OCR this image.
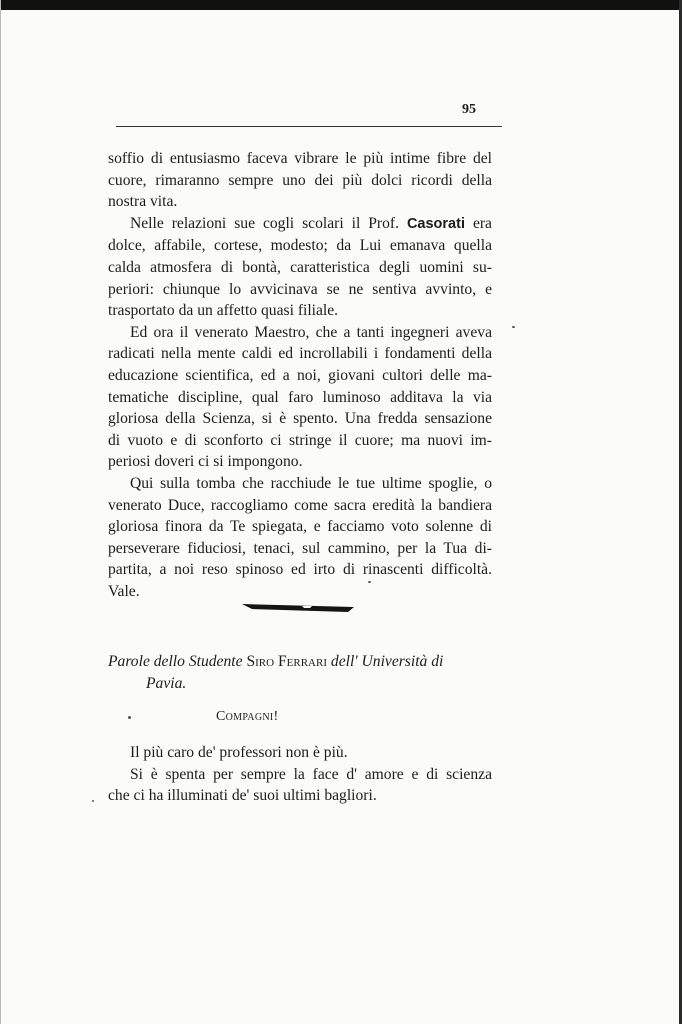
95
soffio di entusiasmo faceva vibrare le più intime fibre del
cuore, rimaranno sempre uno dei più dolci ricordi della
nostra vita.
Nelle relazioni sue cogli scolari il Prof. Casorati era
dolce, affabile, cortese, modesto; da Lui emanava quella
calda atmosfera di bontà, caratteristica degli uomini su-
periori: chiunque lo avvicinava se ne sentiva avvinto, e
trasportato da un affetto quasi filiale.
Ed ora il venerato Maestro, che a tanti ingegneri aveva
radicati nella mente caldi ed incrollabili i fondamenti della
educazione scientifica, ed a noi, giovani cultori delle ma-
tematiche discipline, qual faro luminoso additava la via
gloriosa della Scienza, si è spento. Una fredda sensazione
di vuoto e di sconforto ci stringe il cuore; ma nuovi im-
periosi doveri ci si impongono.
Qui sulla tomba che racchiude le tue ultime spoglie, o
venerato Duce, raccogliamo come sacra eredità la bandiera
gloriosa finora da Te spiegata, e facciamo voto solenne di
perseverare fiduciosi, tenaci, sul cammino, per la Tua di-
partita, a noi reso spinoso ed irto di rinascenti difficoltà.
Vale.
Parole dello Studente Siro Ferrari dell' Università di
Pavia.
Compagni!
Il più caro de' professori non è più.
Si è spenta per sempre la face d' amore e di scienza
che ci ha illuminati de' suoi ultimi bagliori.
